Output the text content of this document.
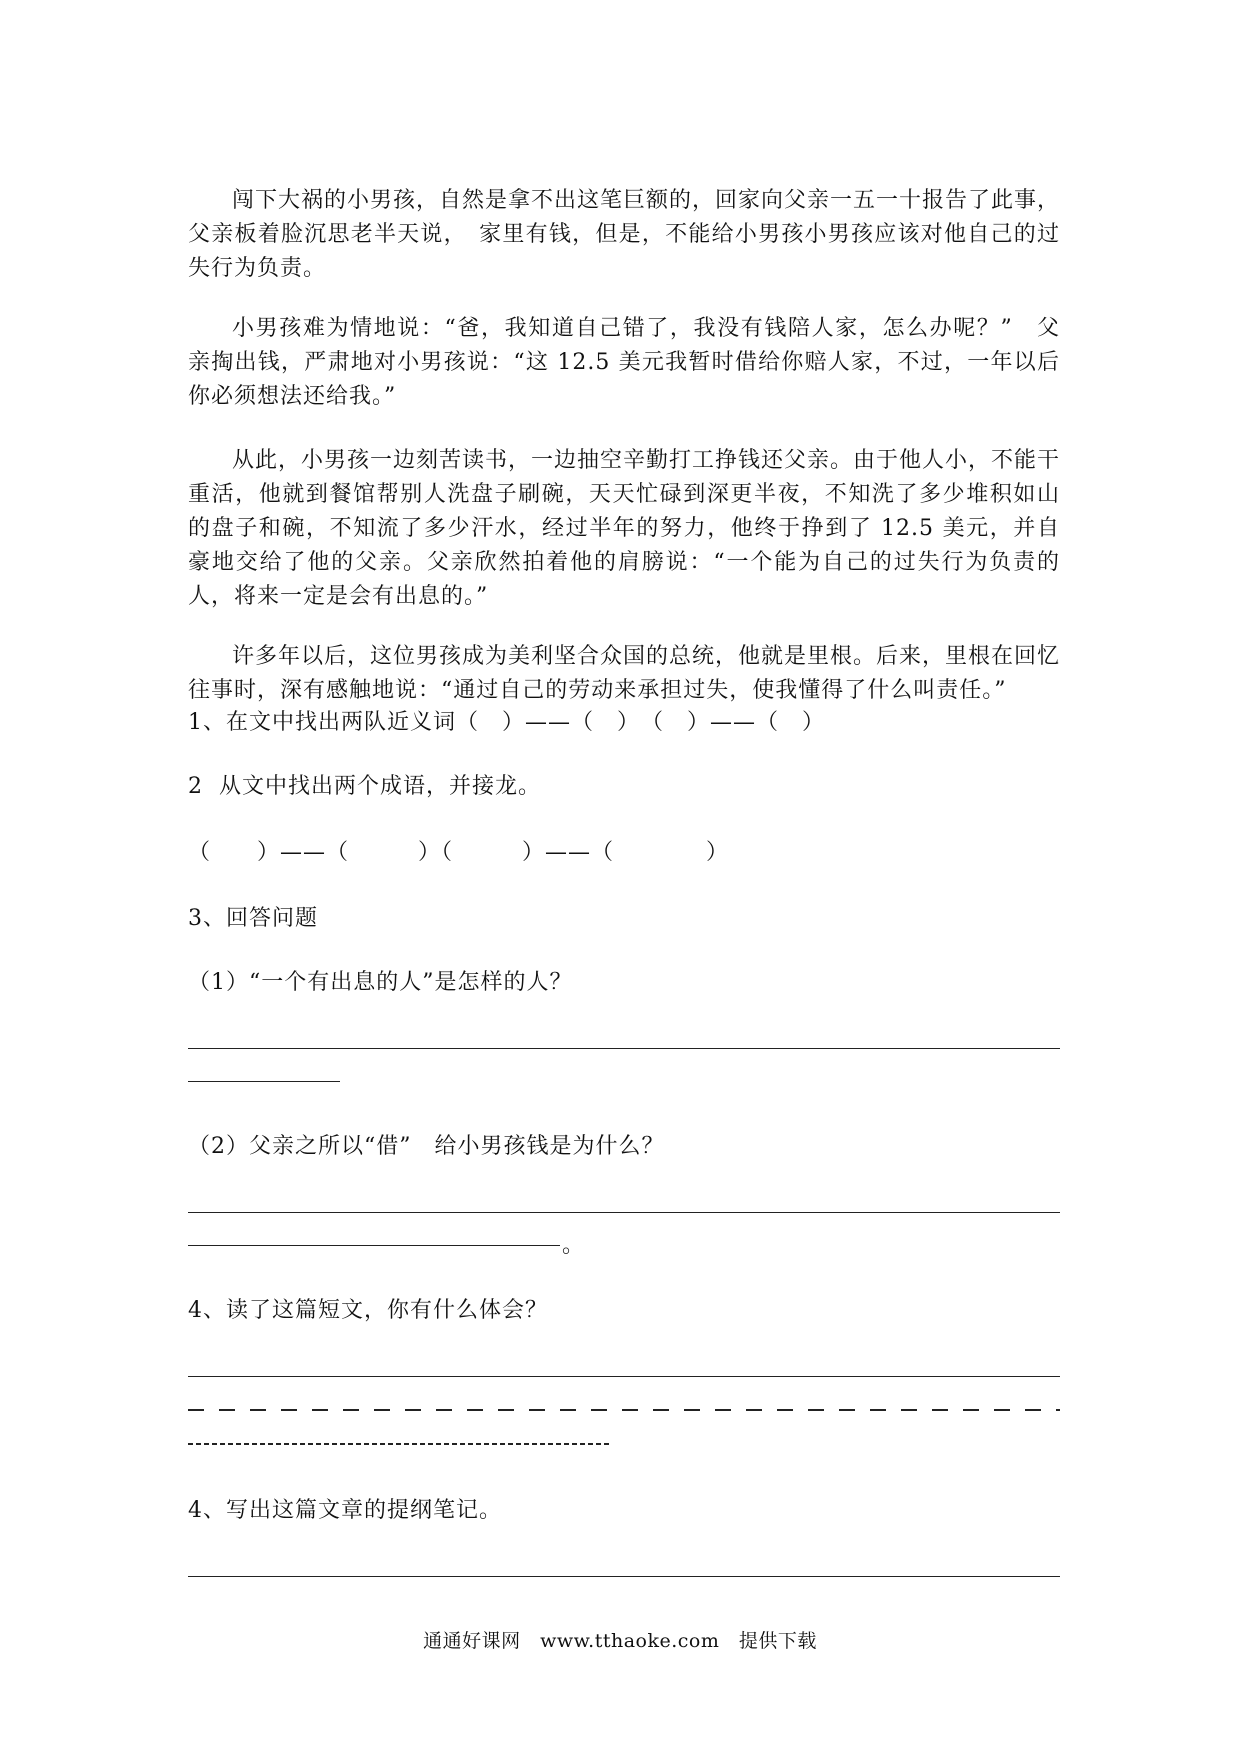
闯下大祸的小男孩，自然是拿不出这笔巨额的，回家向父亲一五一十报告了此事，父亲板着脸沉思老半天说，　家里有钱，但是，不能给小男孩小男孩应该对他自己的过失行为负责。

小男孩难为情地说：“爸，我知道自己错了，我没有钱陪人家，怎么办呢？”　父亲掏出钱，严肃地对小男孩说：“这 12.5 美元我暂时借给你赔人家，不过，一年以后你必须想法还给我。”

从此，小男孩一边刻苦读书，一边抽空辛勤打工挣钱还父亲。由于他人小，不能干重活，他就到餐馆帮别人洗盘子刷碗，天天忙碌到深更半夜，不知洗了多少堆积如山的盘子和碗，不知流了多少汗水，经过半年的努力，他终于挣到了 12.5 美元，并自豪地交给了他的父亲。父亲欣然拍着他的肩膀说：“一个能为自己的过失行为负责的人，将来一定是会有出息的。”

许多年以后，这位男孩成为美利坚合众国的总统，他就是里根。后来，里根在回忆往事时，深有感触地说：“通过自己的劳动来承担过失，使我懂得了什么叫责任。”

1、在文中找出两队近义词（　）——（　）　（　）——（　）

2  从文中找出两个成语，并接龙。

（　　）——（　　　）（　　　）——（　　　　）

3、回答问题

（1）“一个有出息的人”是怎样的人？

（2）父亲之所以“借”　给小男孩钱是为什么？

。

4、读了这篇短文，你有什么体会？

4、写出这篇文章的提纲笔记。

通通好课网　www.tthaoke.com　提供下载
